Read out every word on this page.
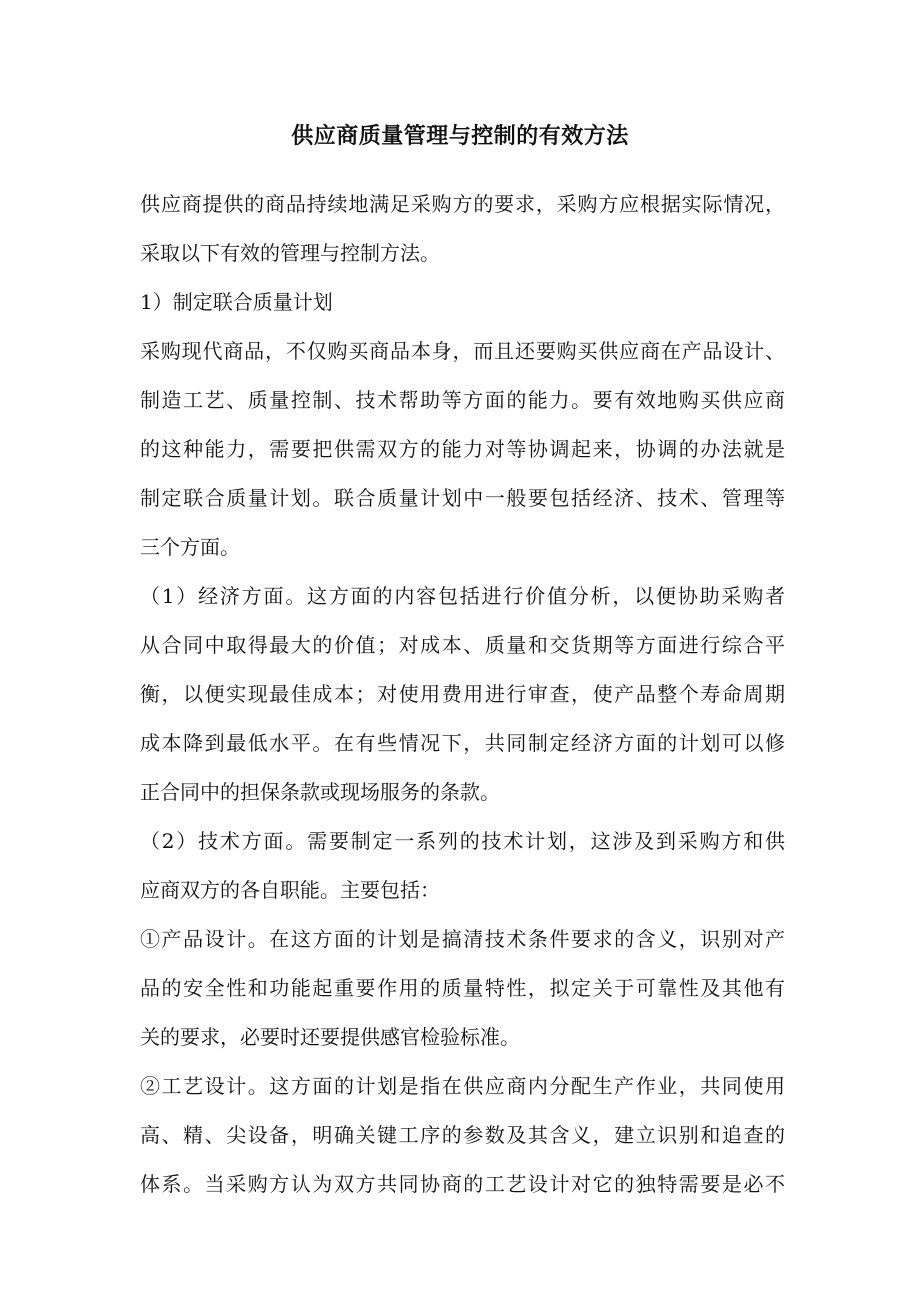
供应商质量管理与控制的有效方法
供应商提供的商品持续地满足采购方的要求，采购方应根据实际情况，
采取以下有效的管理与控制方法。
1）制定联合质量计划
采购现代商品，不仅购买商品本身，而且还要购买供应商在产品设计、
制造工艺、质量控制、技术帮助等方面的能力。要有效地购买供应商
的这种能力，需要把供需双方的能力对等协调起来，协调的办法就是
制定联合质量计划。联合质量计划中一般要包括经济、技术、管理等
三个方面。
（1）经济方面。这方面的内容包括进行价值分析，以便协助采购者
从合同中取得最大的价值；对成本、质量和交货期等方面进行综合平
衡，以便实现最佳成本；对使用费用进行审查，使产品整个寿命周期
成本降到最低水平。在有些情况下，共同制定经济方面的计划可以修
正合同中的担保条款或现场服务的条款。
（2）技术方面。需要制定一系列的技术计划，这涉及到采购方和供
应商双方的各自职能。主要包括：
①产品设计。在这方面的计划是搞清技术条件要求的含义，识别对产
品的安全性和功能起重要作用的质量特性，拟定关于可靠性及其他有
关的要求，必要时还要提供感官检验标准。
②工艺设计。这方面的计划是指在供应商内分配生产作业，共同使用
高、精、尖设备，明确关键工序的参数及其含义，建立识别和追查的
体系。当采购方认为双方共同协商的工艺设计对它的独特需要是必不
